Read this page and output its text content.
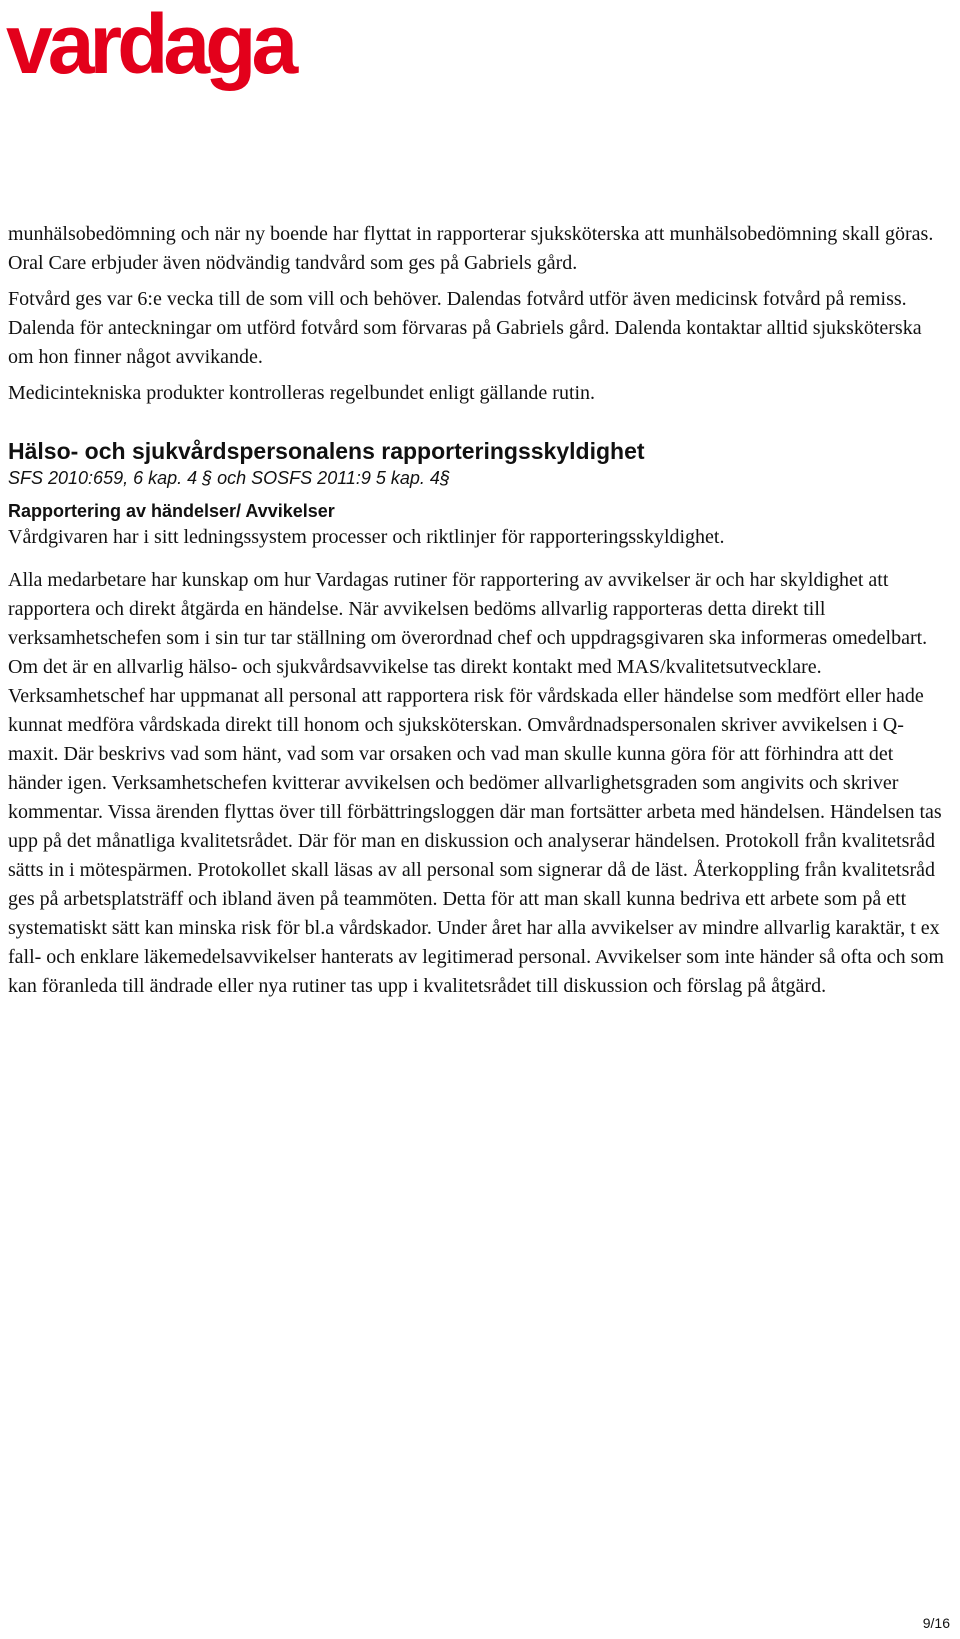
vardaga

munhälsobedömning och när ny boende har flyttat in rapporterar sjuksköterska att munhälsobedömning skall göras. Oral Care erbjuder även nödvändig tandvård som ges på Gabriels gård.

Fotvård ges var 6:e vecka till de som vill och behöver. Dalendas fotvård utför även medicinsk fotvård på remiss. Dalenda för anteckningar om utförd fotvård som förvaras på Gabriels gård. Dalenda kontaktar alltid sjuksköterska om hon finner något avvikande.

Medicintekniska produkter kontrolleras regelbundet enligt gällande rutin.

Hälso- och sjukvårdspersonalens rapporteringsskyldighet

SFS 2010:659, 6 kap. 4 § och SOSFS 2011:9 5 kap. 4§

Rapportering av händelser/ Avvikelser

Vårdgivaren har i sitt ledningssystem processer och riktlinjer för rapporteringsskyldighet.

Alla medarbetare har kunskap om hur Vardagas rutiner för rapportering av avvikelser är och har skyldighet att rapportera och direkt åtgärda en händelse. När avvikelsen bedöms allvarlig rapporteras detta direkt till verksamhetschefen som i sin tur tar ställning om överordnad chef och uppdragsgivaren ska informeras omedelbart. Om det är en allvarlig hälso- och sjukvårdsavvikelse tas direkt kontakt med MAS/kvalitetsutvecklare. Verksamhetschef har uppmanat all personal att rapportera risk för vårdskada eller händelse som medfört eller hade kunnat medföra vårdskada direkt till honom och sjuksköterskan. Omvårdnadspersonalen skriver avvikelsen i Q-maxit. Där beskrivs vad som hänt, vad som var orsaken och vad man skulle kunna göra för att förhindra att det händer igen. Verksamhetschefen kvitterar avvikelsen och bedömer allvarlighetsgraden som angivits och skriver kommentar. Vissa ärenden flyttas över till förbättringsloggen där man fortsätter arbeta med händelsen. Händelsen tas upp på det månatliga kvalitetsrådet. Där för man en diskussion och analyserar händelsen. Protokoll från kvalitetsråd sätts in i mötespärmen. Protokollet skall läsas av all personal som signerar då de läst. Återkoppling från kvalitetsråd ges på arbetsplatsträff och ibland även på teammöten. Detta för att man skall kunna bedriva ett arbete som på ett systematiskt sätt kan minska risk för bl.a vårdskador. Under året har alla avvikelser av mindre allvarlig karaktär, t ex fall- och enklare läkemedelsavvikelser hanterats av legitimerad personal. Avvikelser som inte händer så ofta och som kan föranleda till ändrade eller nya rutiner tas upp i kvalitetsrådet till diskussion och förslag på åtgärd.

9/16
